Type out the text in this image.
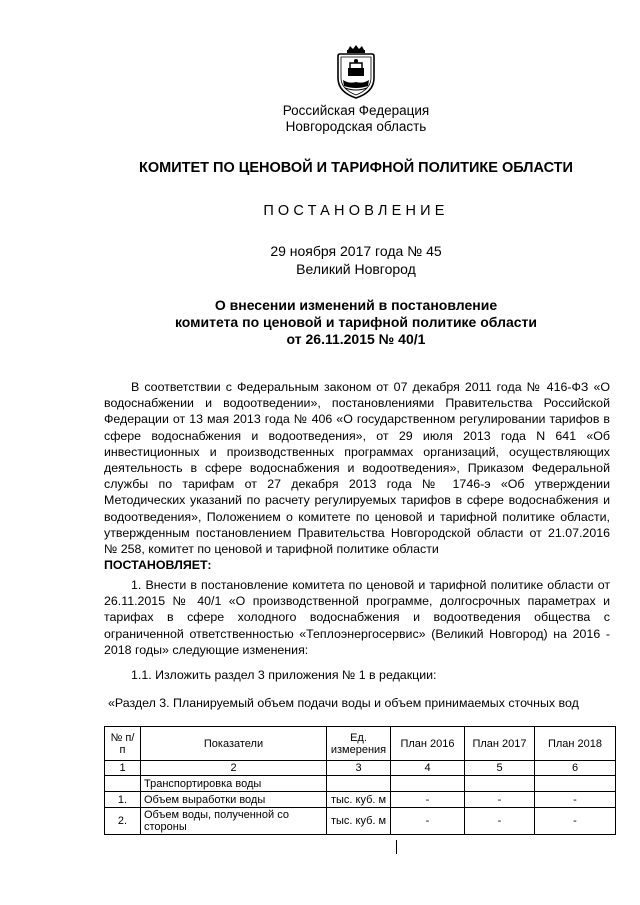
Российская Федерация
Новгородская область
КОМИТЕТ ПО ЦЕНОВОЙ И ТАРИФНОЙ ПОЛИТИКЕ ОБЛАСТИ
ПОСТАНОВЛЕНИЕ
29 ноября 2017 года № 45
Великий Новгород
О внесении изменений в постановление
комитета по ценовой и тарифной политике области
от 26.11.2015 № 40/1

В соответствии с Федеральным законом от 07 декабря 2011 года № 416-ФЗ «О водоснабжении и водоотведении», постановлениями Правительства Российской Федерации от 13 мая 2013 года № 406 «О государственном регулировании тарифов в сфере водоснабжения и водоотведения», от 29 июля 2013 года N 641 «Об инвестиционных и производственных программах организаций, осуществляющих деятельность в сфере водоснабжения и водоотведения», Приказом Федеральной службы по тарифам от 27 декабря 2013 года № 1746-э «Об утверждении Методических указаний по расчету регулируемых тарифов в сфере водоснабжения и водоотведения», Положением о комитете по ценовой и тарифной политике области, утвержденным постановлением Правительства Новгородской области от 21.07.2016 № 258, комитет по ценовой и тарифной политике области

ПОСТАНОВЛЯЕТ:

1. Внести в постановление комитета по ценовой и тарифной политике области от 26.11.2015 № 40/1 «О производственной программе, долгосрочных параметрах и тарифах в сфере холодного водоснабжения и водоотведения общества с ограниченной ответственностью «Теплоэнергосервис» (Великий Новгород) на 2016 - 2018 годы» следующие изменения:

1.1. Изложить раздел 3 приложения № 1 в редакции:

«Раздел 3. Планируемый объем подачи воды и объем принимаемых сточных вод
№ п/п	Показатели	Ед. измерения	План 2016	План 2017	План 2018
1	2	3	4	5	6
	Транспортировка воды				
1.	Объем выработки воды	тыс. куб. м	-	-	-
2.	Объем воды, полученной со стороны	тыс. куб. м	-	-	-
